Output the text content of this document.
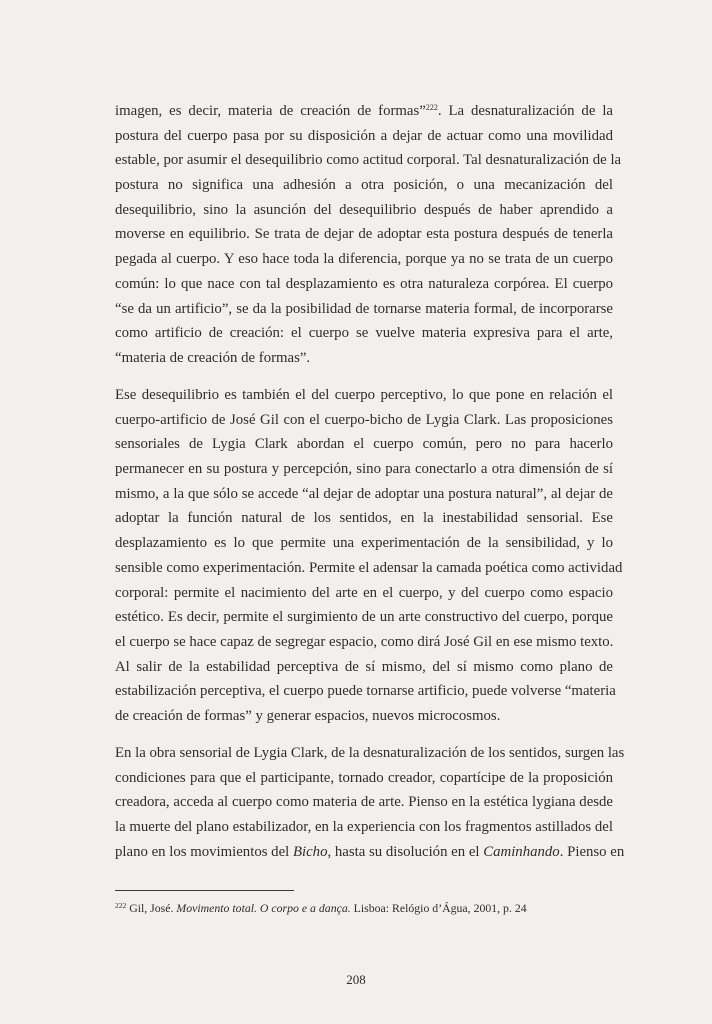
imagen, es decir, materia de creación de formas”$^{222}$. La desnaturalización de la
postura del cuerpo pasa por su disposición a dejar de actuar como una movilidad
estable, por asumir el desequilibrio como actitud corporal. Tal desnaturalización de la
postura no significa una adhesión a otra posición, o una mecanización del
desequilibrio, sino la asunción del desequilibrio después de haber aprendido a
moverse en equilibrio. Se trata de dejar de adoptar esta postura después de tenerla
pegada al cuerpo. Y eso hace toda la diferencia, porque ya no se trata de un cuerpo
común: lo que nace con tal desplazamiento es otra naturaleza corpórea. El cuerpo
“se da un artificio”, se da la posibilidad de tornarse materia formal, de incorporarse
como artificio de creación: el cuerpo se vuelve materia expresiva para el arte,
“materia de creación de formas”.
Ese desequilibrio es también el del cuerpo perceptivo, lo que pone en relación el
cuerpo-artificio de José Gil con el cuerpo-bicho de Lygia Clark. Las proposiciones
sensoriales de Lygia Clark abordan el cuerpo común, pero no para hacerlo
permanecer en su postura y percepción, sino para conectarlo a otra dimensión de sí
mismo, a la que sólo se accede “al dejar de adoptar una postura natural”, al dejar de
adoptar la función natural de los sentidos, en la inestabilidad sensorial. Ese
desplazamiento es lo que permite una experimentación de la sensibilidad, y lo
sensible como experimentación. Permite el adensar la camada poética como actividad
corporal: permite el nacimiento del arte en el cuerpo, y del cuerpo como espacio
estético. Es decir, permite el surgimiento de un arte constructivo del cuerpo, porque
el cuerpo se hace capaz de segregar espacio, como dirá José Gil en ese mismo texto.
Al salir de la estabilidad perceptiva de sí mismo, del sí mismo como plano de
estabilización perceptiva, el cuerpo puede tornarse artificio, puede volverse “materia
de creación de formas” y generar espacios, nuevos microcosmos.
En la obra sensorial de Lygia Clark, de la desnaturalización de los sentidos, surgen las
condiciones para que el participante, tornado creador, copartícipe de la proposición
creadora, acceda al cuerpo como materia de arte. Pienso en la estética lygiana desde
la muerte del plano estabilizador, en la experiencia con los fragmentos astillados del
plano en los movimientos del Bicho, hasta su disolución en el Caminhando. Pienso en
$^{222}$ Gil, José. Movimento total. O corpo e a dança. Lisboa: Relógio d’Água, 2001, p. 24
208
